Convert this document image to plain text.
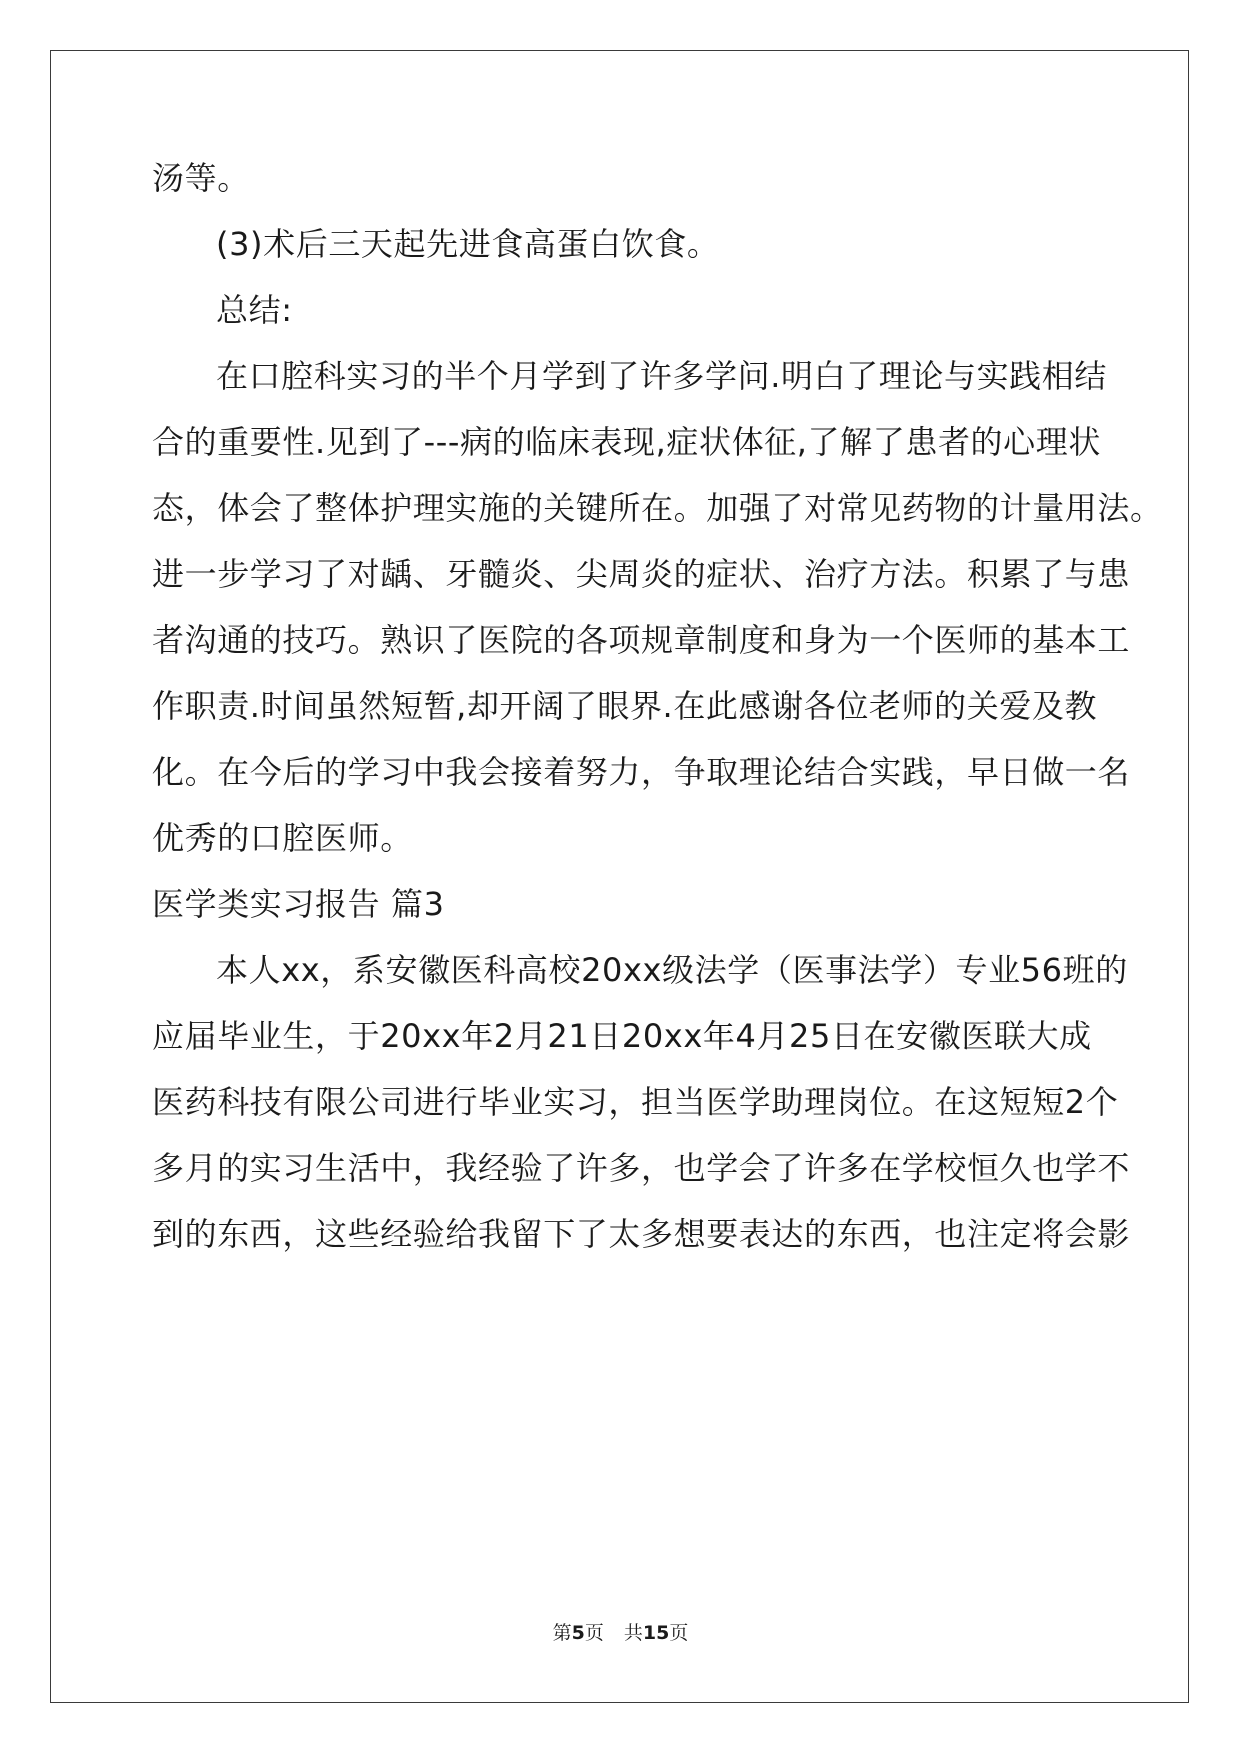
汤等。
(3)术后三天起先进食高蛋白饮食。
总结:
在口腔科实习的半个月学到了许多学问.明白了理论与实践相结
合的重要性.见到了---病的临床表现,症状体征,了解了患者的心理状
态，体会了整体护理实施的关键所在。加强了对常见药物的计量用法。
进一步学习了对龋、牙髓炎、尖周炎的症状、治疗方法。积累了与患
者沟通的技巧。熟识了医院的各项规章制度和身为一个医师的基本工
作职责.时间虽然短暂,却开阔了眼界.在此感谢各位老师的关爱及教
化。在今后的学习中我会接着努力，争取理论结合实践，早日做一名
优秀的口腔医师。
医学类实习报告 篇3
本人xx，系安徽医科高校20xx级法学（医事法学）专业56班的
应届毕业生，于20xx年2月21日20xx年4月25日在安徽医联大成
医药科技有限公司进行毕业实习，担当医学助理岗位。在这短短2个
多月的实习生活中，我经验了许多，也学会了许多在学校恒久也学不
到的东西，这些经验给我留下了太多想要表达的东西，也注定将会影
第5页 共15页
